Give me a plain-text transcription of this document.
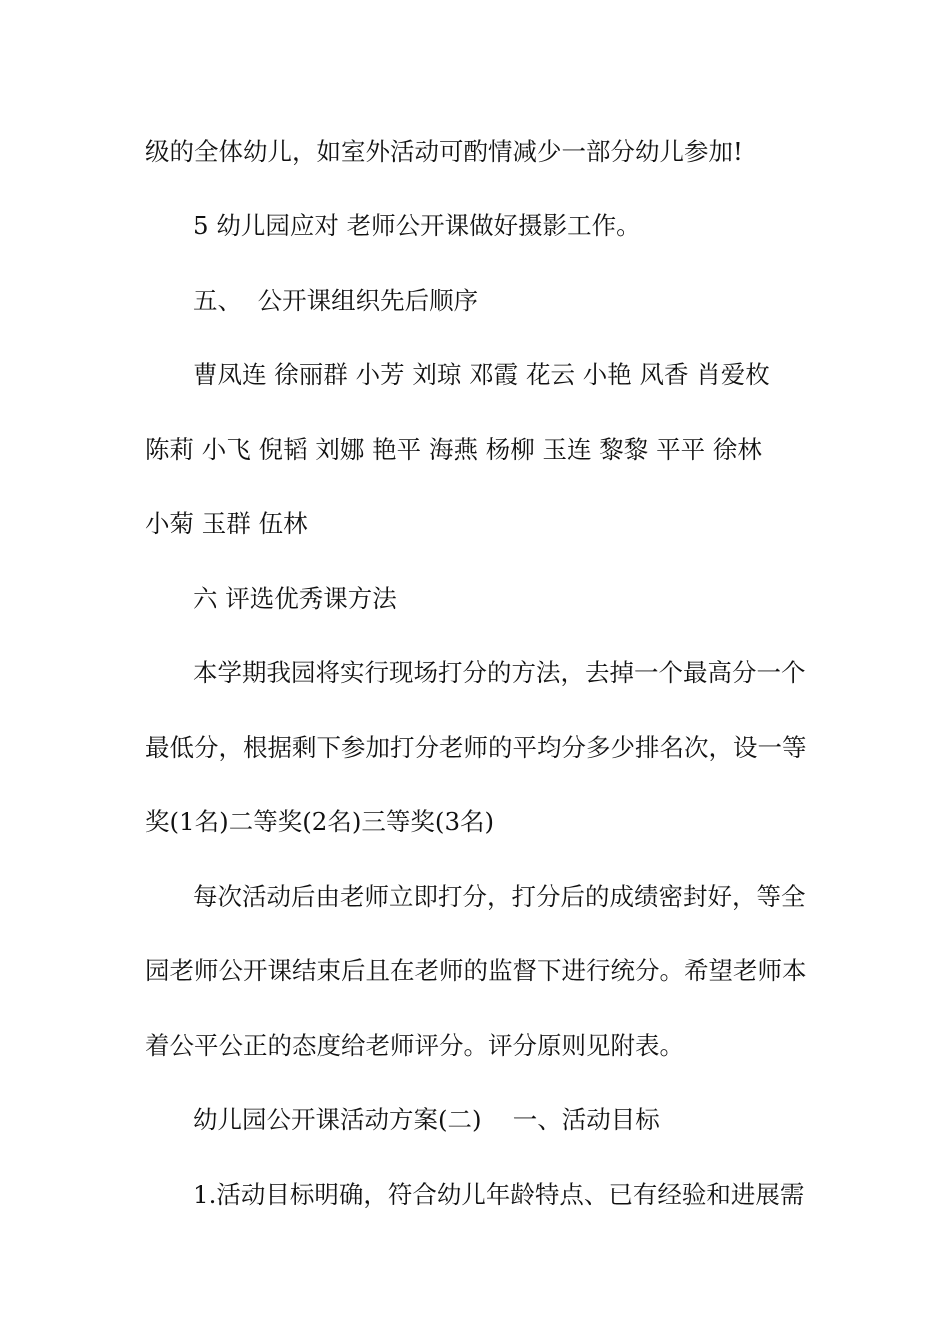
级的全体幼儿，如室外活动可酌情减少一部分幼儿参加!

5 幼儿园应对 老师公开课做好摄影工作。

五、  公开课组织先后顺序

曹凤连 徐丽群 小芳 刘琼 邓霞 花云 小艳 风香 肖爱枚

陈莉 小飞 倪韬 刘娜 艳平 海燕 杨柳 玉连 黎黎 平平 徐林

小菊 玉群 伍林

六 评选优秀课方法

本学期我园将实行现场打分的方法，去掉一个最高分一个

最低分，根据剩下参加打分老师的平均分多少排名次，设一等

奖(1名)二等奖(2名)三等奖(3名)

每次活动后由老师立即打分，打分后的成绩密封好，等全

园老师公开课结束后且在老师的监督下进行统分。希望老师本

着公平公正的态度给老师评分。评分原则见附表。

幼儿园公开课活动方案(二)    一、活动目标

1.活动目标明确，符合幼儿年龄特点、已有经验和进展需
